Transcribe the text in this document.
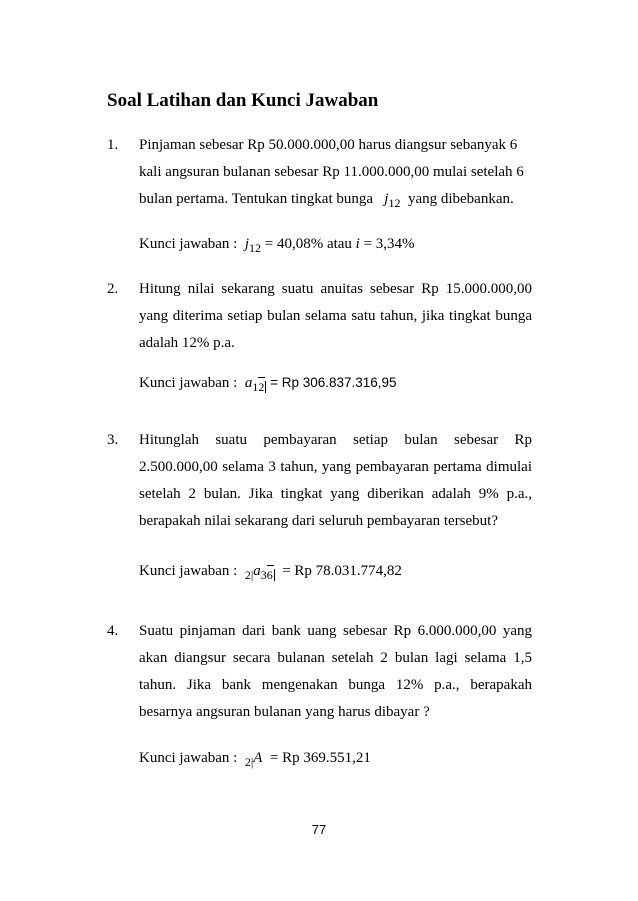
Soal Latihan dan Kunci Jawaban
1. Pinjaman sebesar Rp 50.000.000,00 harus diangsur sebanyak 6
kali angsuran bulanan sebesar Rp 11.000.000,00 mulai setelah 6
bulan pertama. Tentukan tingkat bunga $j_{12}$ yang dibebankan.
Kunci jawaban : $j_{12} = 40,08\%$ atau i = 3,34%
2. Hitung nilai sekarang suatu anuitas sebesar Rp 15.000.000,00
yang diterima setiap bulan selama satu tahun, jika tingkat bunga
adalah 12% p.a.
Kunci jawaban : a12 = Rp 306.837.316,95
3. Hitunglah suatu pembayaran setiap bulan sebesar Rp
2.500.000,00 selama 3 tahun, yang pembayaran pertama dimulai
setelah 2 bulan. Jika tingkat yang diberikan adalah 9% p.a.,
berapakah nilai sekarang dari seluruh pembayaran tersebut?
Kunci jawaban : $_{2|}$a36 = Rp 78.031.774,82
4. Suatu pinjaman dari bank uang sebesar Rp 6.000.000,00 yang
akan diangsur secara bulanan setelah 2 bulan lagi selama 1,5
tahun. Jika bank mengenakan bunga 12% p.a., berapakah
besarnya angsuran bulanan yang harus dibayar ?
Kunci jawaban : $_{2|}$A = Rp 369.551,21
77
